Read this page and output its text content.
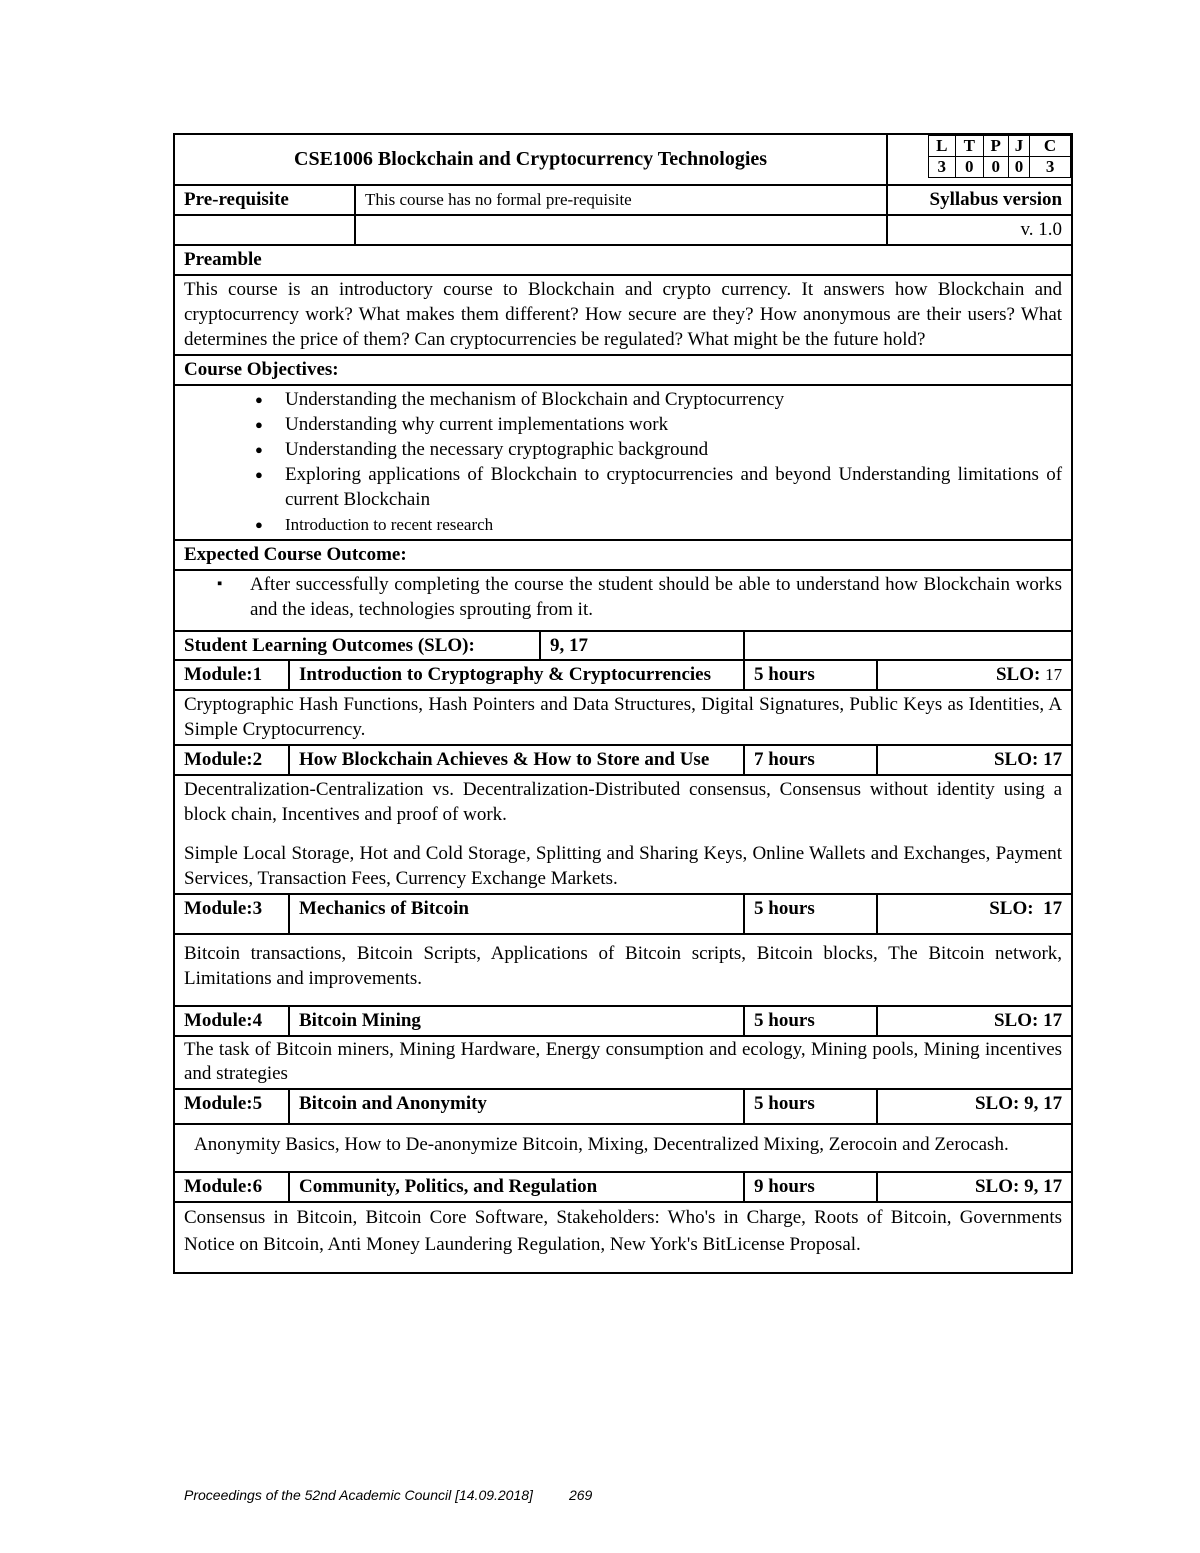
CSE1006 Blockchain and Cryptocurrency Technologies	
	L	T	P	J	C
	3	0	0	0	3

Pre-requisite	This course has no formal pre-requisite	Syllabus version
		v. 1.0
Preamble
This course is an introductory course to Blockchain and crypto currency. It answers how Blockchain and cryptocurrency work? What makes them different? How secure are they? How anonymous are their users? What determines the price of them? Can cryptocurrencies be regulated? What might be the future hold?
Course Objectives:

● Understanding the mechanism of Blockchain and Cryptocurrency
● Understanding why current implementations work
● Understanding the necessary cryptographic background
● Exploring applications of Blockchain to cryptocurrencies and beyond Understanding limitations of current Blockchain
● Introduction to recent research

Expected Course Outcome:

▪ After successfully completing the course the student should be able to understand how Blockchain works and the ideas, technologies sprouting from it.

Student Learning Outcomes (SLO):	9, 17

Module:1	Introduction to Cryptography & Cryptocurrencies	5 hours	SLO: 17

Cryptographic Hash Functions, Hash Pointers and Data Structures, Digital Signatures, Public Keys as Identities, A Simple Cryptocurrency.

Module:2	How Blockchain Achieves & How to Store and Use	7 hours	SLO: 17

Decentralization-Centralization vs. Decentralization-Distributed consensus, Consensus without identity using a block chain, Incentives and proof of work.
Simple Local Storage, Hot and Cold Storage, Splitting and Sharing Keys, Online Wallets and Exchanges, Payment Services, Transaction Fees, Currency Exchange Markets.

Module:3	Mechanics of Bitcoin	5 hours	SLO: 17

Bitcoin transactions, Bitcoin Scripts, Applications of Bitcoin scripts, Bitcoin blocks, The Bitcoin network, Limitations and improvements.

Module:4	Bitcoin Mining	5 hours	SLO: 17

The task of Bitcoin miners, Mining Hardware, Energy consumption and ecology, Mining pools, Mining incentives and strategies

Module:5	Bitcoin and Anonymity	5 hours	SLO: 9, 17

Anonymity Basics, How to De-anonymize Bitcoin, Mixing, Decentralized Mixing, Zerocoin and Zerocash.

Module:6	Community, Politics, and Regulation	9 hours	SLO: 9, 17

Consensus in Bitcoin, Bitcoin Core Software, Stakeholders: Who's in Charge, Roots of Bitcoin, Governments Notice on Bitcoin, Anti Money Laundering Regulation, New York's BitLicense Proposal.
Proceedings of the 52nd Academic Council [14.09.2018]	269
